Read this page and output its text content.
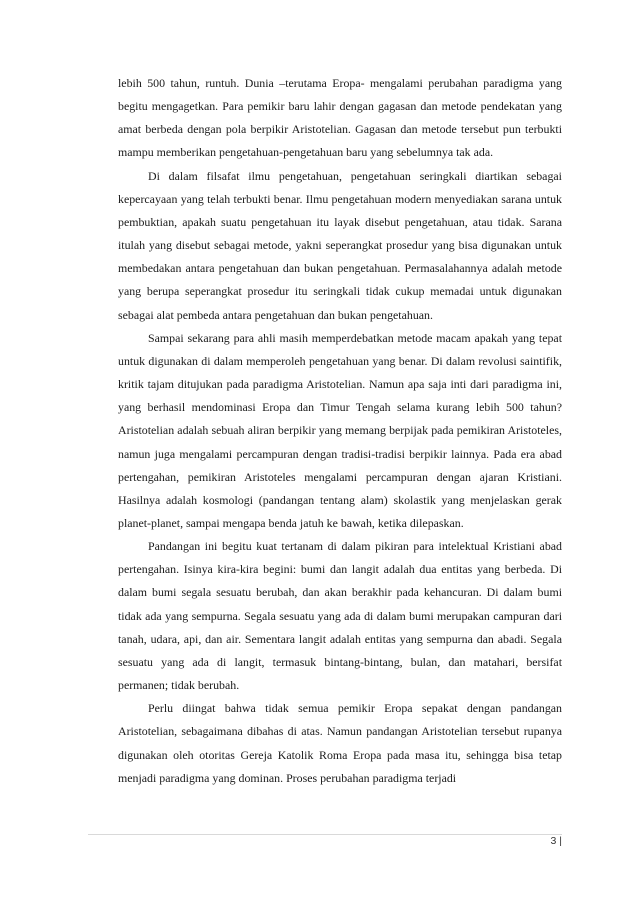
lebih 500 tahun, runtuh. Dunia –terutama Eropa- mengalami perubahan paradigma yang begitu mengagetkan. Para pemikir baru lahir dengan gagasan dan metode pendekatan yang amat berbeda dengan pola berpikir Aristotelian. Gagasan dan metode tersebut pun terbukti mampu memberikan pengetahuan-pengetahuan baru yang sebelumnya tak ada.

Di dalam filsafat ilmu pengetahuan, pengetahuan seringkali diartikan sebagai kepercayaan yang telah terbukti benar. Ilmu pengetahuan modern menyediakan sarana untuk pembuktian, apakah suatu pengetahuan itu layak disebut pengetahuan, atau tidak. Sarana itulah yang disebut sebagai metode, yakni seperangkat prosedur yang bisa digunakan untuk membedakan antara pengetahuan dan bukan pengetahuan. Permasalahannya adalah metode yang berupa seperangkat prosedur itu seringkali tidak cukup memadai untuk digunakan sebagai alat pembeda antara pengetahuan dan bukan pengetahuan.

Sampai sekarang para ahli masih memperdebatkan metode macam apakah yang tepat untuk digunakan di dalam memperoleh pengetahuan yang benar. Di dalam revolusi saintifik, kritik tajam ditujukan pada paradigma Aristotelian. Namun apa saja inti dari paradigma ini, yang berhasil mendominasi Eropa dan Timur Tengah selama kurang lebih 500 tahun? Aristotelian adalah sebuah aliran berpikir yang memang berpijak pada pemikiran Aristoteles, namun juga mengalami percampuran dengan tradisi-tradisi berpikir lainnya. Pada era abad pertengahan, pemikiran Aristoteles mengalami percampuran dengan ajaran Kristiani. Hasilnya adalah kosmologi (pandangan tentang alam) skolastik yang menjelaskan gerak planet-planet, sampai mengapa benda jatuh ke bawah, ketika dilepaskan.

Pandangan ini begitu kuat tertanam di dalam pikiran para intelektual Kristiani abad pertengahan. Isinya kira-kira begini: bumi dan langit adalah dua entitas yang berbeda. Di dalam bumi segala sesuatu berubah, dan akan berakhir pada kehancuran. Di dalam bumi tidak ada yang sempurna. Segala sesuatu yang ada di dalam bumi merupakan campuran dari tanah, udara, api, dan air. Sementara langit adalah entitas yang sempurna dan abadi. Segala sesuatu yang ada di langit, termasuk bintang-bintang, bulan, dan matahari, bersifat permanen; tidak berubah.

Perlu diingat bahwa tidak semua pemikir Eropa sepakat dengan pandangan Aristotelian, sebagaimana dibahas di atas. Namun pandangan Aristotelian tersebut rupanya digunakan oleh otoritas Gereja Katolik Roma Eropa pada masa itu, sehingga bisa tetap menjadi paradigma yang dominan. Proses perubahan paradigma terjadi

3 |
